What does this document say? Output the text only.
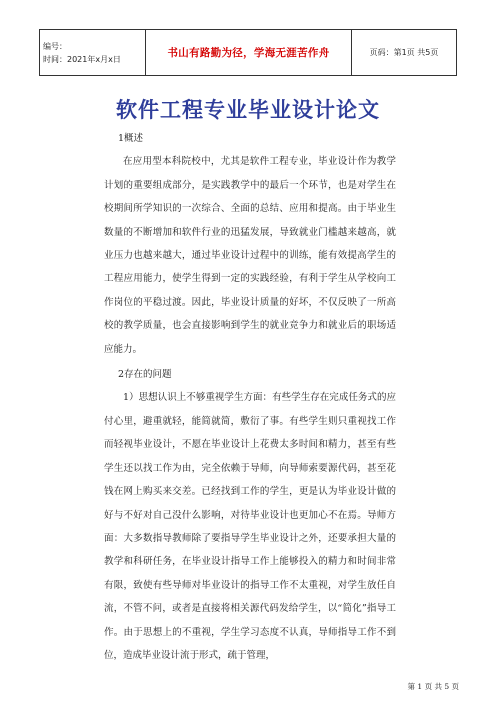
编号：
时间：2021年x月x日	书山有路勤为径，学海无涯苦作舟	页码：第1页 共5页
软件工程专业毕业设计论文

1概述

在应用型本科院校中，尤其是软件工程专业，毕业设计作为教学计划的重要组成部分，是实践教学中的最后一个环节，也是对学生在校期间所学知识的一次综合、全面的总结、应用和提高。由于毕业生数量的不断增加和软件行业的迅猛发展，导致就业门槛越来越高，就业压力也越来越大，通过毕业设计过程中的训练，能有效提高学生的工程应用能力，使学生得到一定的实践经验，有利于学生从学校向工作岗位的平稳过渡。因此，毕业设计质量的好坏，不仅反映了一所高校的教学质量，也会直接影响到学生的就业竞争力和就业后的职场适应能力。

2存在的问题

1）思想认识上不够重视学生方面：有些学生存在完成任务式的应付心里，避重就轻，能简就简，敷衍了事。有些学生则只重视找工作而轻视毕业设计，不愿在毕业设计上花费太多时间和精力，甚至有些学生还以找工作为由，完全依赖于导师，向导师索要源代码，甚至花钱在网上购买来交差。已经找到工作的学生，更是认为毕业设计做的好与不好对自己没什么影响，对待毕业设计也更加心不在焉。导师方面：大多数指导教师除了要指导学生毕业设计之外，还要承担大量的教学和科研任务，在毕业设计指导工作上能够投入的精力和时间非常有限，致使有些导师对毕业设计的指导工作不太重视，对学生放任自流，不管不问，或者是直接将相关源代码发给学生，以“简化”指导工作。由于思想上的不重视，学生学习态度不认真，导师指导工作不到位，造成毕业设计流于形式，疏于管理，

第 1 页 共 5 页
